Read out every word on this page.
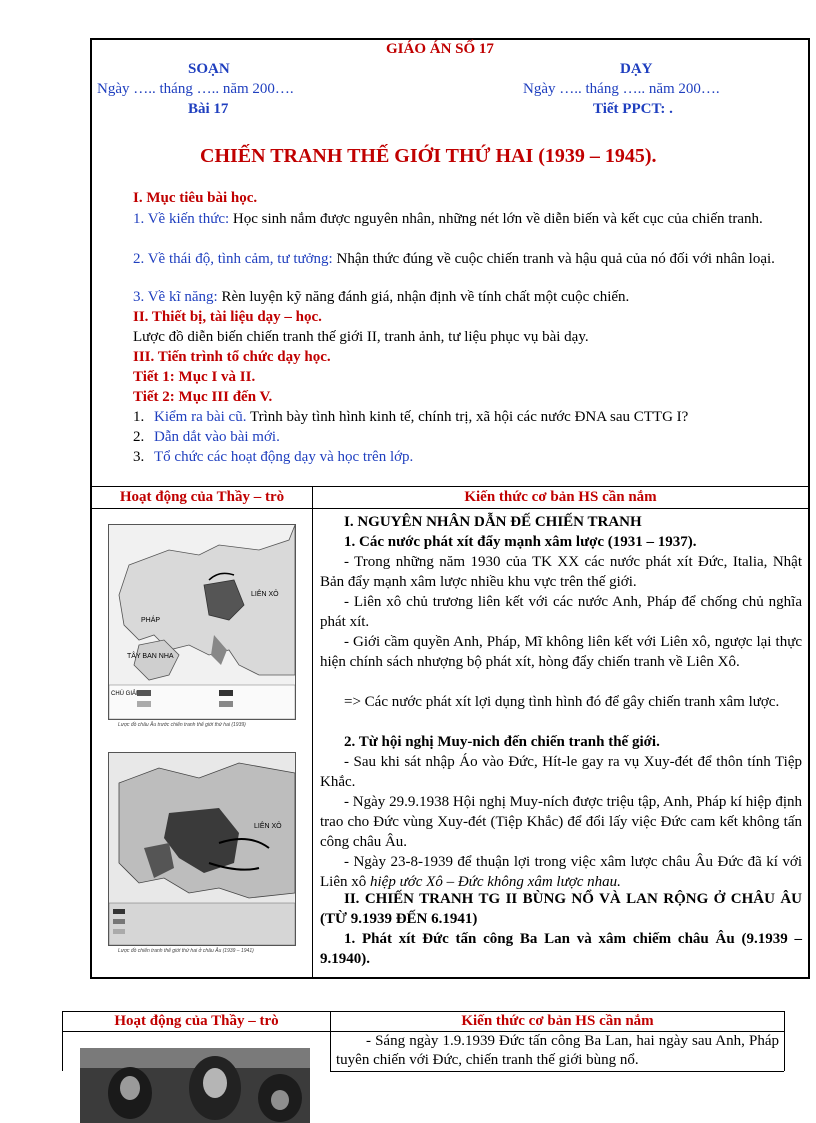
GIÁO ÁN SỐ 17
SOẠN	DẠY
Ngày ….. tháng ….. năm 200….	Ngày ….. tháng ….. năm 200….
Bài 17	Tiết PPCT: .
CHIẾN TRANH THẾ GIỚI THỨ HAI (1939 – 1945).
I. Mục tiêu bài học.
1. Về kiến thức: Học sinh nắm được nguyên nhân, những nét lớn về diễn biến và kết cục của chiến tranh.
2. Về thái độ, tình cảm, tư tưởng: Nhận thức đúng về cuộc chiến tranh và hậu quả của nó đối với nhân loại.
3. Về kĩ năng: Rèn luyện kỹ năng đánh giá, nhận định về tính chất một cuộc chiến.
II. Thiết bị, tài liệu dạy – học.
Lược đồ diễn biến chiến tranh thế giới II, tranh ảnh, tư liệu phục vụ bài dạy.
III. Tiến trình tổ chức dạy học.
Tiết 1: Mục I và II.
Tiết 2: Mục III đến V.
1. Kiểm ra bài cũ. Trình bày tình hình kinh tế, chính trị, xã hội các nước ĐNA sau CTTG I?
2. Dẫn dắt vào bài mới.
3. Tổ chức các hoạt động dạy và học trên lớp.
Hoạt động của Thầy – trò	Kiến thức cơ bản HS cần nắm
LIÊN XÔ
PHÁP
TÂY BAN NHA
CHÚ GIẢI
Lược đồ châu Âu trước chiến tranh thế giới thứ hai (1939)
LIÊN XÔ
Lược đồ chiến tranh thế giới thứ hai ở châu Âu (1939 – 1941)
I. NGUYÊN NHÂN DẪN ĐẾ CHIẾN TRANH
1. Các nước phát xít đẩy mạnh xâm lược (1931 – 1937).
- Trong những năm 1930 của TK XX các nước phát xít Đức, Italia, Nhật Bản đẩy mạnh xâm lược nhiều khu vực trên thế giới.
- Liên xô chủ trương liên kết với các nước Anh, Pháp để chống chủ nghĩa phát xít.
- Giới cầm quyền Anh, Pháp, Mĩ không liên kết với Liên xô, ngược lại thực hiện chính sách nhượng bộ phát xít, hòng đẩy chiến tranh về Liên Xô.
=> Các nước phát xít lợi dụng tình hình đó để gây chiến tranh xâm lược.
2. Từ hội nghị Muy-nich đến chiến tranh thế giới.
- Sau khi sát nhập Áo vào Đức, Hít-le gay ra vụ Xuy-đét để thôn tính Tiệp Khắc.
- Ngày 29.9.1938 Hội nghị Muy-ních được triệu tập, Anh, Pháp kí hiệp định trao cho Đức vùng Xuy-đét (Tiệp Khắc) để đổi lấy việc Đức cam kết không tấn công châu Âu.
- Ngày 23-8-1939 để thuận lợi trong việc xâm lược châu Âu Đức đã kí với Liên xô hiệp ước Xô – Đức không xâm lược nhau.
II. CHIẾN TRANH TG II BÙNG NỔ VÀ LAN RỘNG Ở CHÂU ÂU (TỪ 9.1939 ĐẾN 6.1941)
1. Phát xít Đức tấn công Ba Lan và xâm chiếm châu Âu (9.1939 – 9.1940).
Hoạt động của Thầy – trò	Kiến thức cơ bản HS cần nắm
- Sáng ngày 1.9.1939 Đức tấn công Ba Lan, hai ngày sau Anh, Pháp tuyên chiến với Đức, chiến tranh thế giới bùng nổ.
